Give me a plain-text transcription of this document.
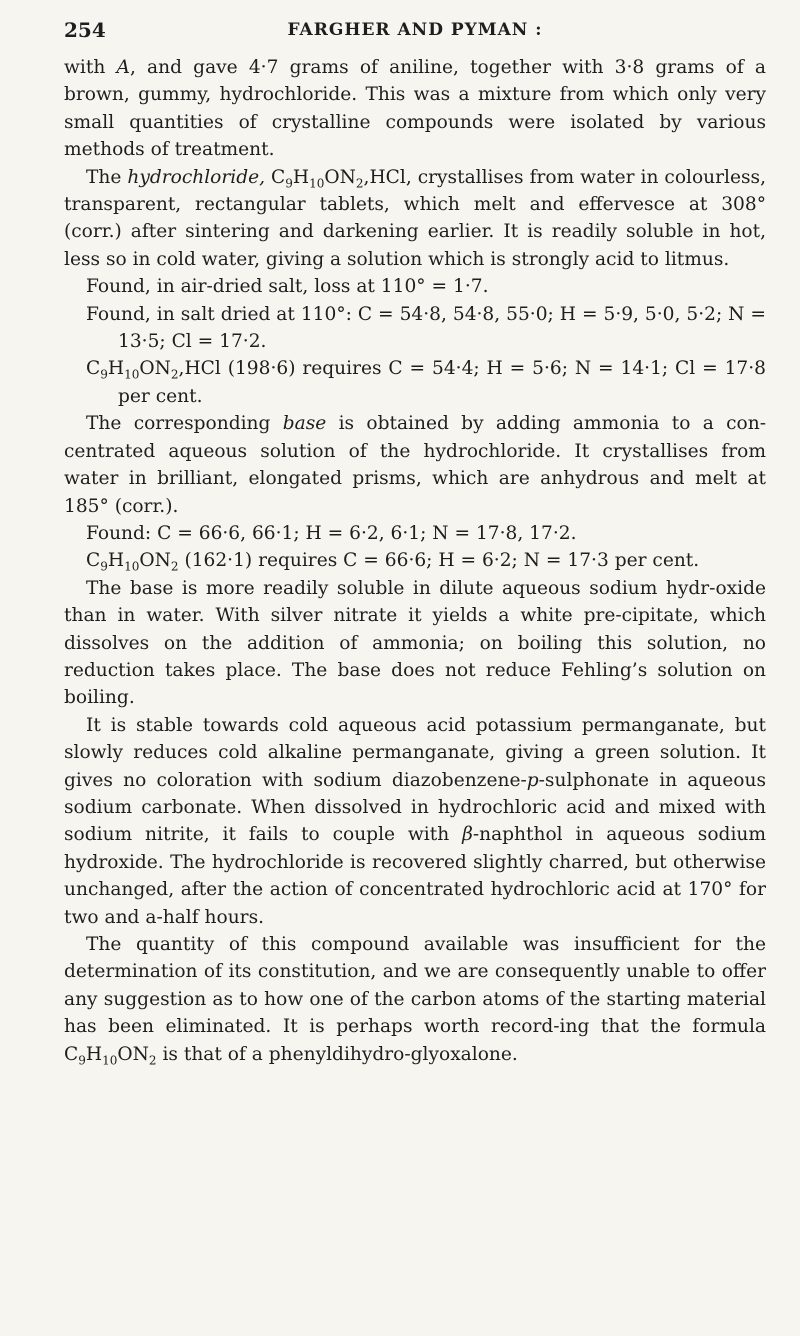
254	FARGHER AND PYMAN :

with A, and gave 4·7 grams of aniline, together with 3·8 grams of a brown, gummy, hydrochloride. This was a mixture from which only very small quantities of crystalline compounds were isolated by various methods of treatment.

The hydrochloride, $C_9H_{10}ON_2,HCl$, crystallises from water in colourless, transparent, rectangular tablets, which melt and effervesce at 308° (corr.) after sintering and darkening earlier. It is readily soluble in hot, less so in cold water, giving a solution which is strongly acid to litmus.

Found, in air-dried salt, loss at 110° = 1·7.

Found, in salt dried at 110°: C = 54·8, 54·8, 55·0; H = 5·9, 5·0, 5·2; N = 13·5; Cl = 17·2.

$C_9H_{10}ON_2,HCl$ (198·6) requires C = 54·4; H = 5·6; N = 14·1; Cl = 17·8 per cent.

The corresponding base is obtained by adding ammonia to a con-centrated aqueous solution of the hydrochloride. It crystallises from water in brilliant, elongated prisms, which are anhydrous and melt at 185° (corr.).

Found: C = 66·6, 66·1; H = 6·2, 6·1; N = 17·8, 17·2.

$C_9H_{10}ON_2$ (162·1) requires C = 66·6; H = 6·2; N = 17·3 per cent.

The base is more readily soluble in dilute aqueous sodium hydr-oxide than in water. With silver nitrate it yields a white pre-cipitate, which dissolves on the addition of ammonia; on boiling this solution, no reduction takes place. The base does not reduce Fehling’s solution on boiling.

It is stable towards cold aqueous acid potassium permanganate, but slowly reduces cold alkaline permanganate, giving a green solution. It gives no coloration with sodium diazobenzene-p-sulphonate in aqueous sodium carbonate. When dissolved in hydrochloric acid and mixed with sodium nitrite, it fails to couple with β-naphthol in aqueous sodium hydroxide. The hydrochloride is recovered slightly charred, but otherwise unchanged, after the action of concentrated hydrochloric acid at 170° for two and a-half hours.

The quantity of this compound available was insufficient for the determination of its constitution, and we are consequently unable to offer any suggestion as to how one of the carbon atoms of the starting material has been eliminated. It is perhaps worth record-ing that the formula $C_9H_{10}ON_2$ is that of a phenyldihydro-glyoxalone.
